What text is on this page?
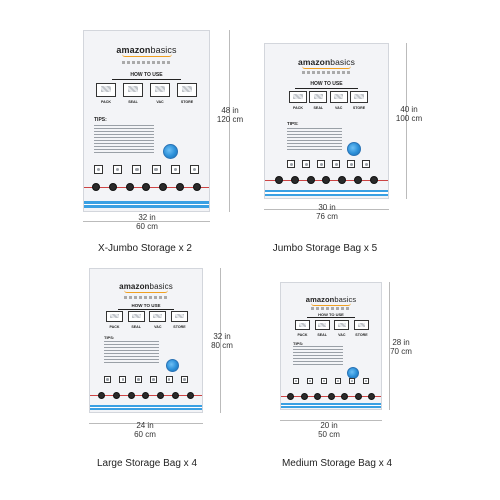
amazonbasics
HOW TO USE
PACK	SEAL	VAC	STORE
TIPS:
48 in
120 cm
32 in
60 cm
X-Jumbo Storage x 2
amazonbasics
HOW TO USE
PACK	SEAL	VAC	STORE
TIPS:
40 in
100 cm
30 in
76 cm
Jumbo Storage Bag x 5
amazonbasics
HOW TO USE
PACK	SEAL	VAC	STORE
TIPS:	32 in
80 cm
24 in
60 cm
Large Storage Bag x 4
amazonbasics
HOW TO USE
PACK	SEAL	VAC	STORE
TIPS:	28 in
70 cm
20 in
50 cm
Medium Storage Bag x 4
